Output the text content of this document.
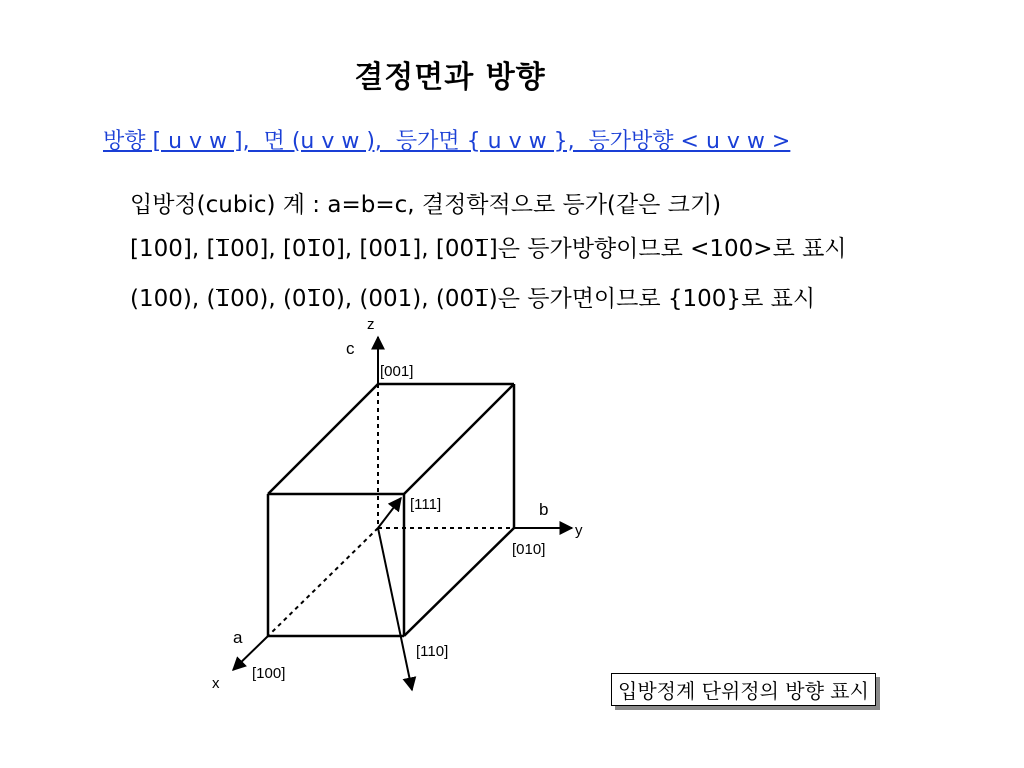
결정면과 방향
방향 [ u v w ],  면 (u v w ),  등가면 { u v w },  등가방향 < u v w >
입방정(cubic) 계 : a=b=c, 결정학적으로 등가(같은 크기)
[100], [100], [010], [001], [001]은 등가방향이므로 <100>로 표시
(100), (100), (010), (001), (001)은 등가면이므로 {100}로 표시
z
c
[001]
[111]	b
y
[010]
a
[110]
[100]
x	입방정계 단위정의 방향 표시
